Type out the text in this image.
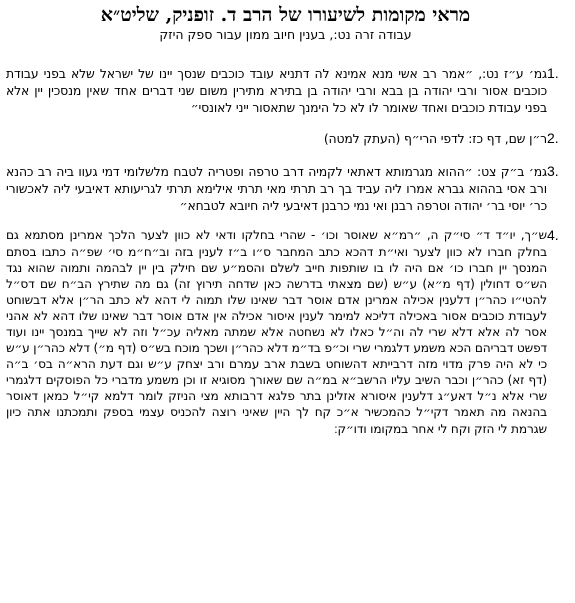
מראי מקומות לשיעורו של הרב ד. זופניק, שליט״א
עבודה זרה נט:, בענין חיוב ממון עבור ספק היזק
1.
גמ׳ ע״ז נט:, ״אמר רב אשי מנא אמינא לה דתניא עובד כוכבים שנסך יינו של ישראל שלא בפני עבודת כוכבים אסור ורבי יהודה בן בבא ורבי יהודה בן בתירא מתירין משום שני דברים אחד שאין מנסכין יין אלא בפני עבודת כוכבים ואחד שאומר לו לא כל הימנך שתאסור ייני לאונסי״
2.
ר״ן שם, דף כז: לדפי הרי״ף (העתק למטה)
3.
גמ׳ ב״ק צט: ״ההוא מגרמותא דאתאי לקמיה דרב טרפה ופטריה לטבח מלשלומי דמי געוו ביה רב כהנא ורב אסי בההוא גברא אמרו ליה עביד בך רב תרתי מאי תרתי אילימא תרתי לגריעותא דאיבעי ליה לאכשורי כר׳ יוסי בר׳ יהודה וטרפה רבנן ואי נמי כרבנן דאיבעי ליה חיובא לטבחא״
4.
ש״ך, יו״ד ד״ סי״ק ה, ״רמ״א שאוסר וכו׳ - שהרי בחלקו ודאי לא כוון לצער הלכך אמרינן מסתמא גם בחלק חברו לא כוון לצער ואי״ת דהכא כתב המחבר ס״ו ב״ז לענין בזה וב״ח״מ סי׳ שפ״ה כתבו בסתם המנסך יין חברו כו׳ אם היה לו בו שותפות חייב לשלם והסמ״ע שם חילק בין יין לבהמה ותמוה שהוא נגד הש״ס דחולין (דף מ״א) ע״ש (שם מצאתי בדרשה כאן שדחה תירוץ זה) גם מה שתירץ הב״ח שם דס״ל להטי״ו כהר״ן דלענין אכילה אמרינן אדם אוסר דבר שאינו שלו תמוה לי דהא לא כתב הר״ן אלא דבשוחט לעבודת כוכבים אסור באכילה דליכא למימר לענין איסור אכילה אין אדם אוסר דבר שאינו שלו דהא לא אהני אסר לה אלא דלא שרי לה וה״ל כאלו לא נשחטה אלא שמתה מאליה עכ״ל וזה לא שייך במנסך יינו ועוד דפשט דבריהם הכא משמע דלגמרי שרי וכ״פ בד״מ דלא כהר״ן ושכך מוכח בש״ס (דף מ״) דלא כהר״ן ע״ש כי לא היה פרק מדוי מזה דרבייתא דהשוחט בשבת ארב עמרם ורב יצחק ע״ש וגם דעת הרא״ה בס׳ ב״ה (דף זא) כהר״ן וכבר השיב עליו הרשב״א במ״ה שם שאורך מסוגיא זו וכן משמע מדברי כל הפוסקים דלגמרי שרי אלא נ״ל דאע״ג דלענין איסורא אזלינן בתר פלגא דרבותא מצי הניזק לומר דלמא קי״ל כמאן דאוסר בהנאה מה תאמר דקי״ל כהמכשיר א״כ קח לך היין שאיני רוצה להכניס עצמי בספק ותמכתנו אתה כיון שגרמת לי הזק וקח לי אחר במקומו ודו״ק׃
